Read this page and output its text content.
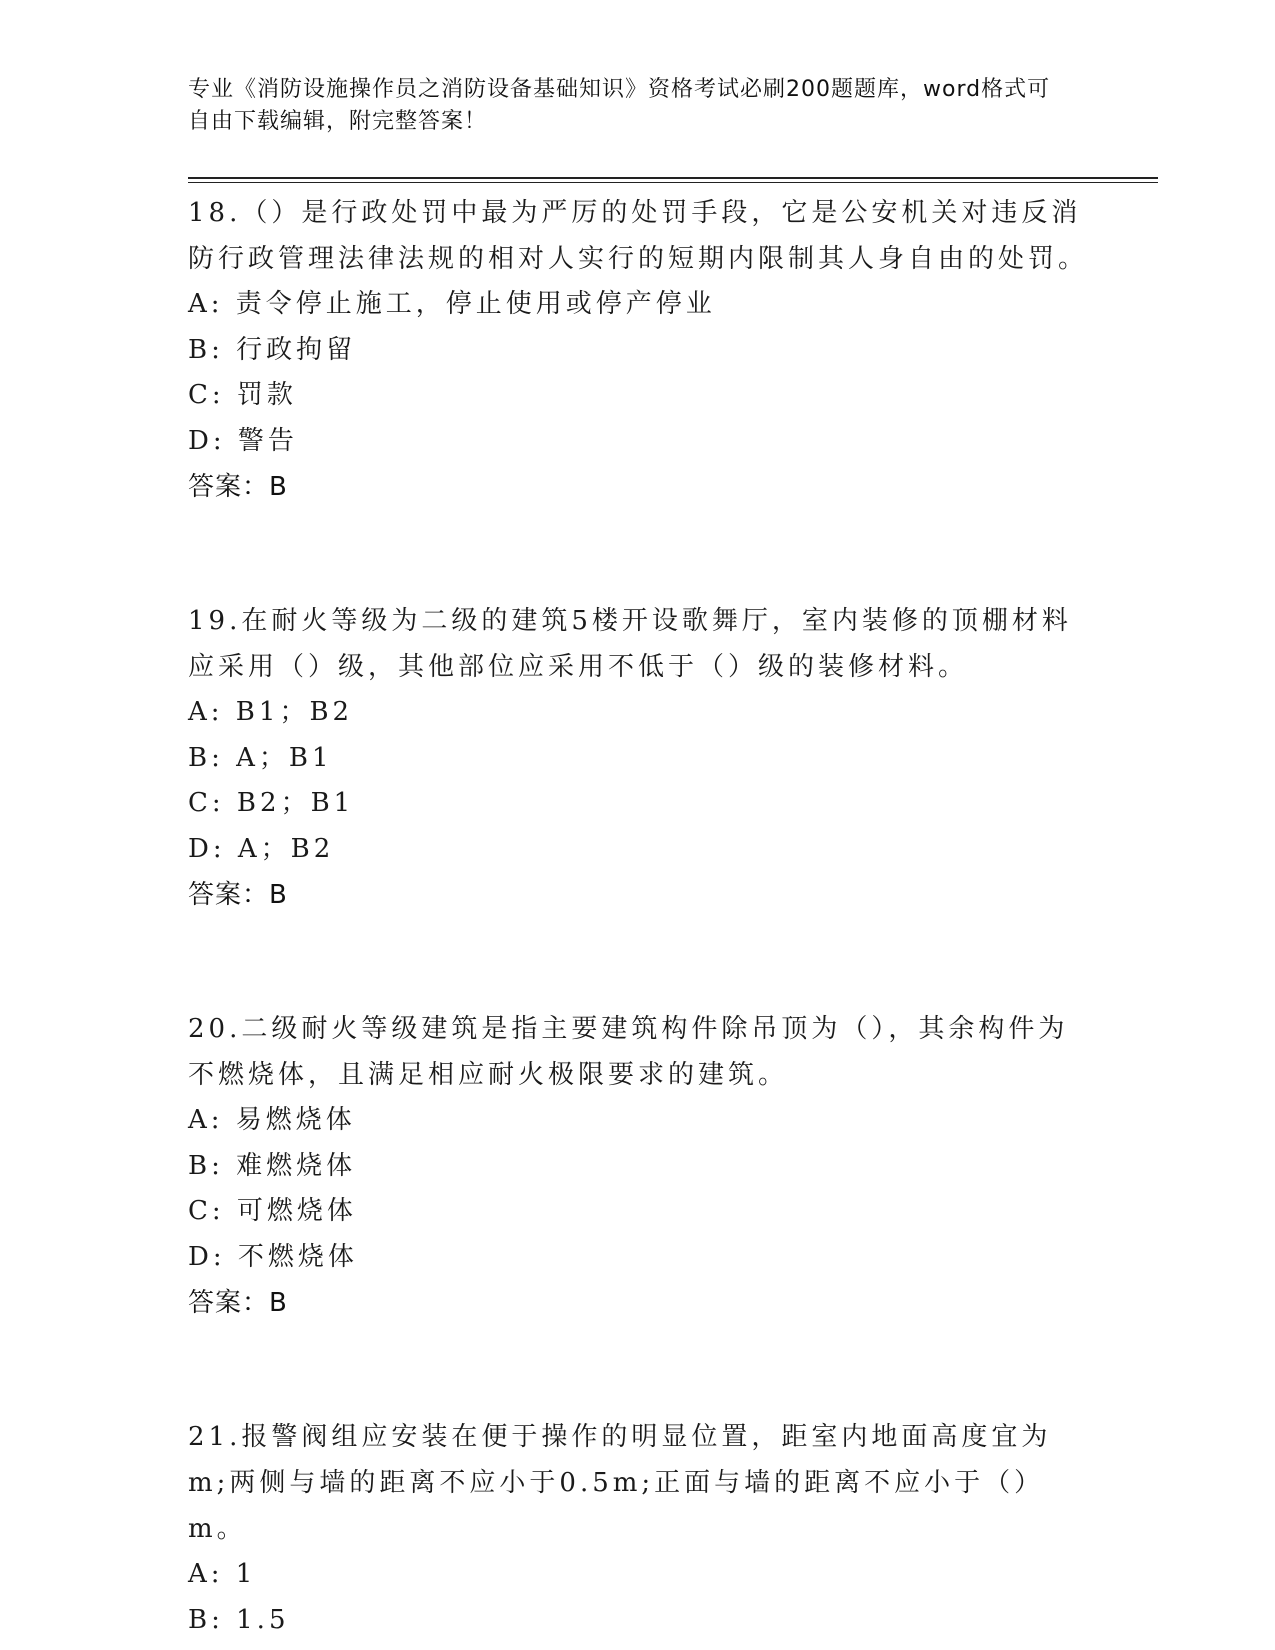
专业《消防设施操作员之消防设备基础知识》资格考试必刷200题题库，word格式可自由下载编辑，附完整答案！

18.（）是行政处罚中最为严厉的处罚手段，它是公安机关对违反消防行政管理法律法规的相对人实行的短期内限制其人身自由的处罚。

A: 责令停止施工，停止使用或停产停业

B: 行政拘留

C: 罚款

D: 警告

答案：B

19.在耐火等级为二级的建筑5楼开设歌舞厅，室内装修的顶棚材料应采用（）级，其他部位应采用不低于（）级的装修材料。

A: B1；B2

B: A；B1

C: B2；B1

D: A；B2

答案：B

20.二级耐火等级建筑是指主要建筑构件除吊顶为（），其余构件为不燃烧体，且满足相应耐火极限要求的建筑。

A: 易燃烧体

B: 难燃烧体

C: 可燃烧体

D: 不燃烧体

答案：B

21.报警阀组应安装在便于操作的明显位置，距室内地面高度宜为m;两侧与墙的距离不应小于0.5m;正面与墙的距离不应小于（）m。

A: 1

B: 1.5
